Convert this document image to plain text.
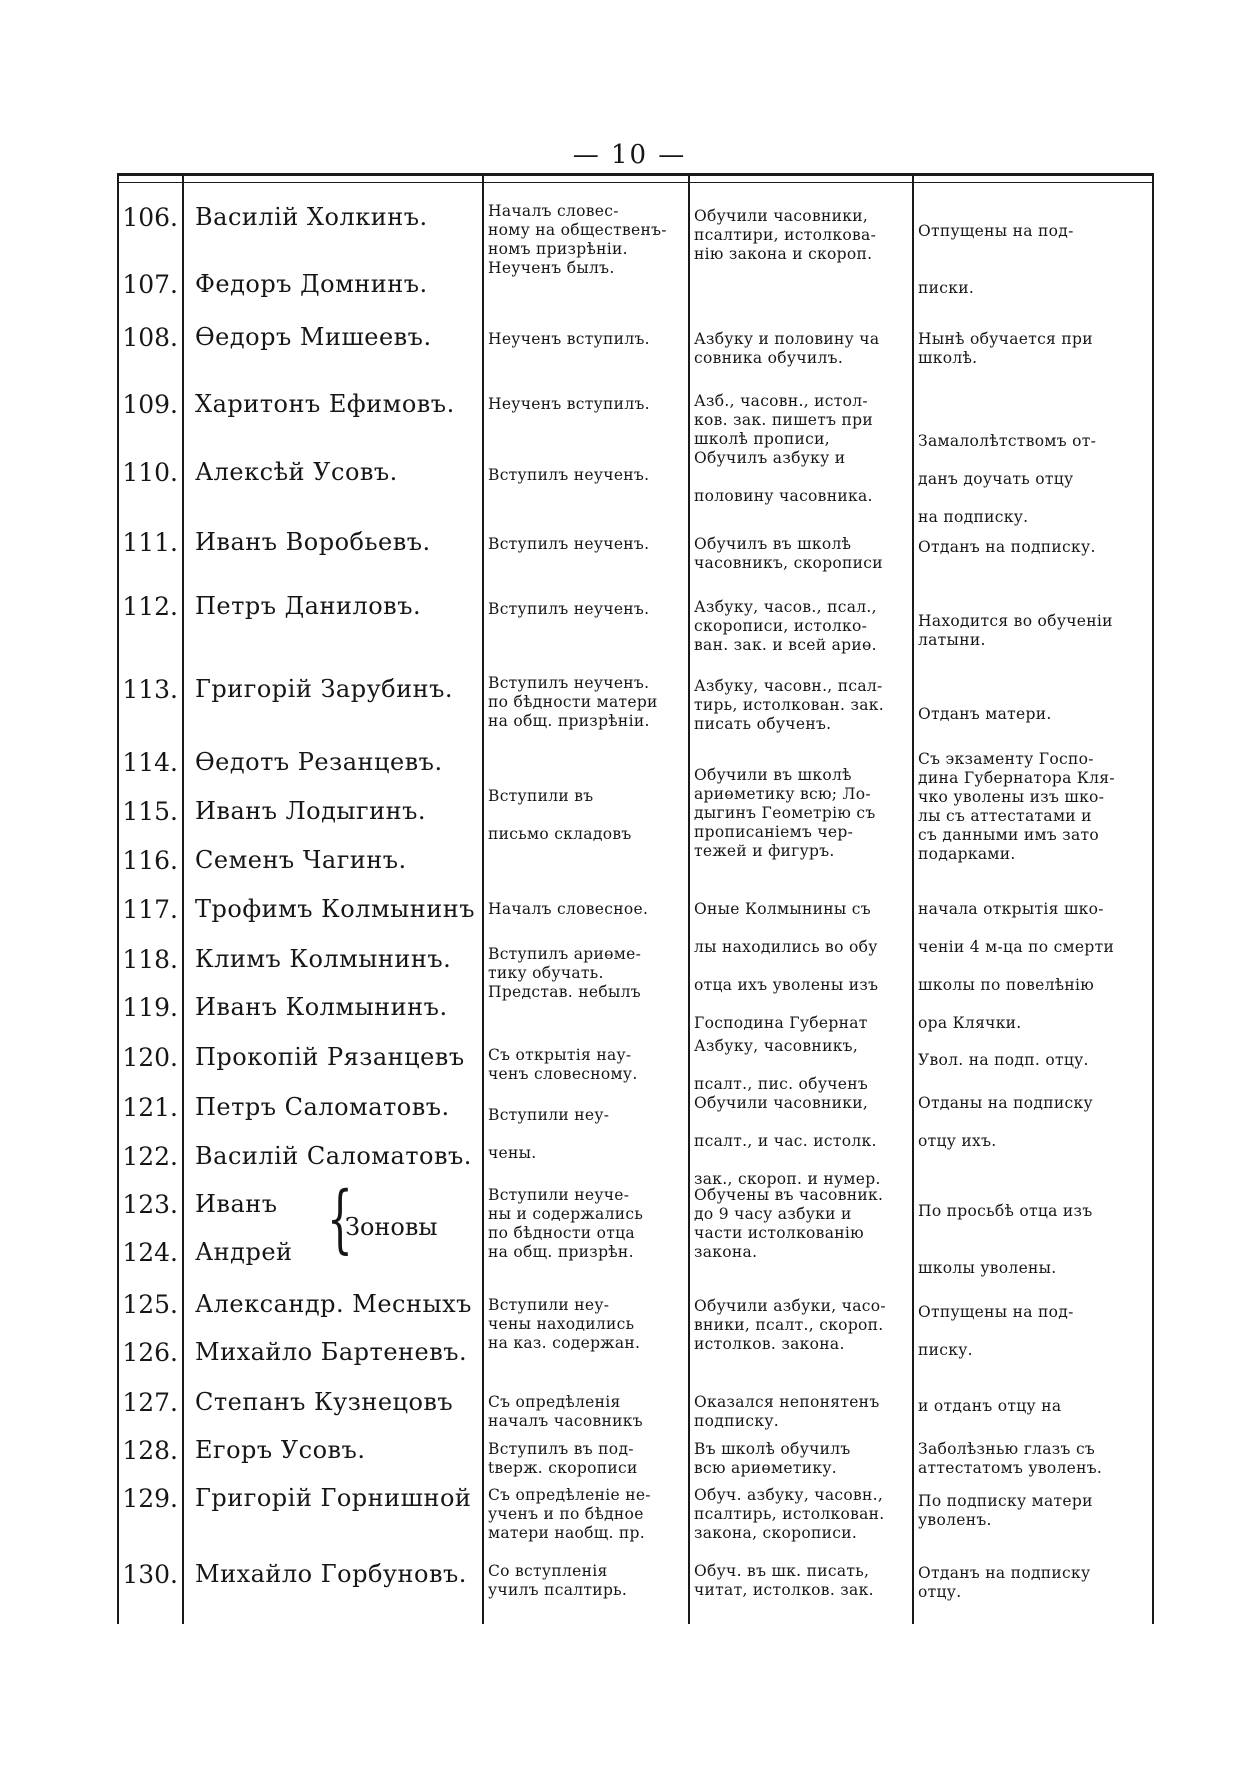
— 10 —
106. Василій Холкинъ.
107. Федоръ Домнинъ.
108. Өедоръ Мишеевъ.
109. Харитонъ Ефимовъ.
110. Алексѣй Усовъ.
111. Иванъ Воробьевъ.
112. Петръ Даниловъ.
113. Григорій Зарубинъ.
114. Өедотъ Резанцевъ.
115. Иванъ Лодыгинъ.
116. Семенъ Чагинъ.
117. Трофимъ Колмынинъ
118. Климъ Колмынинъ.
119. Иванъ Колмынинъ.
120. Прокопій Рязанцевъ
121. Петръ Саломатовъ.
122. Василій Саломатовъ.
123. Иванъ
124. Андрей {
Зоновы
125. Александр. Месныхъ
126. Михайло Бартеневъ.
127. Степанъ Кузнецовъ
128. Егоръ Усовъ.
129. Григорій Горнишной
130. Михайло Горбуновъ.
Началъ словес-
ному на общественъ-
номъ призрѣніи.
Неученъ былъ.
Неученъ вступилъ.
Неученъ вступилъ.
Вступилъ неученъ.
Вступилъ неученъ.
Вступилъ неученъ.
Вступилъ неученъ.
по бѣдности матери
на общ. призрѣніи.
Вступили въ

письмо складовъ
Началъ словесное.
Вступилъ ариөме-
тику обучать.
Представ. небылъ
Съ открытія нау-
ченъ словесному.
Вступили неу-

чены.
Вступили неуче-
ны и содержались
по бѣдности отца
на общ. призрѣн.
Вступили неу-
чены находились
на каз. содержан.
Съ опредѣленія
началъ часовникъ
Вступилъ въ под-
tверж. скорописи
Съ опредѣленіе не-
ученъ и по бѣдное
матери наобщ. пр.
Со вступленія
училъ псалтирь.
Обучили часовники,
псалтири, истолкова-
нію закона и скороп.
Азбуку и половину ча
совника обучилъ.
Азб., часовн., истол-
ков. зак. пишетъ при
школѣ прописи,
Обучилъ азбуку и

половину часовника.
Обучилъ въ школѣ
часовникъ, скорописи
Азбуку, часов., псал.,
скорописи, истолко-
ван. зак. и всей ариө.
Азбуку, часовн., псал-
тирь, истолкован. зак.
писать обученъ.
Обучили въ школѣ
ариөметику всю; Ло-
дыгинъ Геометрію съ
прописаніемъ чер-
тежей и фигуръ.
Оные Колмынины съ

лы находились во обу

отца ихъ уволены изъ

Господина Губернат
Азбуку, часовникъ,

псалт., пис. обученъ
Обучили часовники,

псалт., и час. истолк.

зак., скороп. и нумер.
Обучены въ часовник.
до 9 часу азбуки и
части истолкованію
закона.
Обучили азбуки, часо-
вники, псалт., скороп.
истолков. закона.
Оказался непонятенъ
подписку.
Въ школѣ обучилъ
всю ариөметику.
Обуч. азбуку, часовн.,
псалтирь, истолкован.
закона, скорописи.
Обуч. въ шк. писать,
читат, истолков. зак.
Отпущены на под-

писки.
Нынѣ обучается при
школѣ.
Замалолѣтствомъ от-

данъ доучать отцу

на подписку.
Отданъ на подписку.
Находится во обученіи
латыни.
Отданъ матери.
Съ экзаменту Госпо-
дина Губернатора Кля-
чко уволены изъ шко-
лы съ аттестатами и
съ данными имъ зато
подарками.
начала открытія шко-

ченіи 4 м-ца по смерти

школы по повелѣнію

ора Клячки.
Увол. на подп. отцу.
Отданы на подписку

отцу ихъ.
По просьбѣ отца изъ

школы уволены.
Отпущены на под-

писку.
и отданъ отцу на
Заболѣзнью глазъ съ
аттестатомъ уволенъ.
По подписку матери
уволенъ.
Отданъ на подписку
отцу.
